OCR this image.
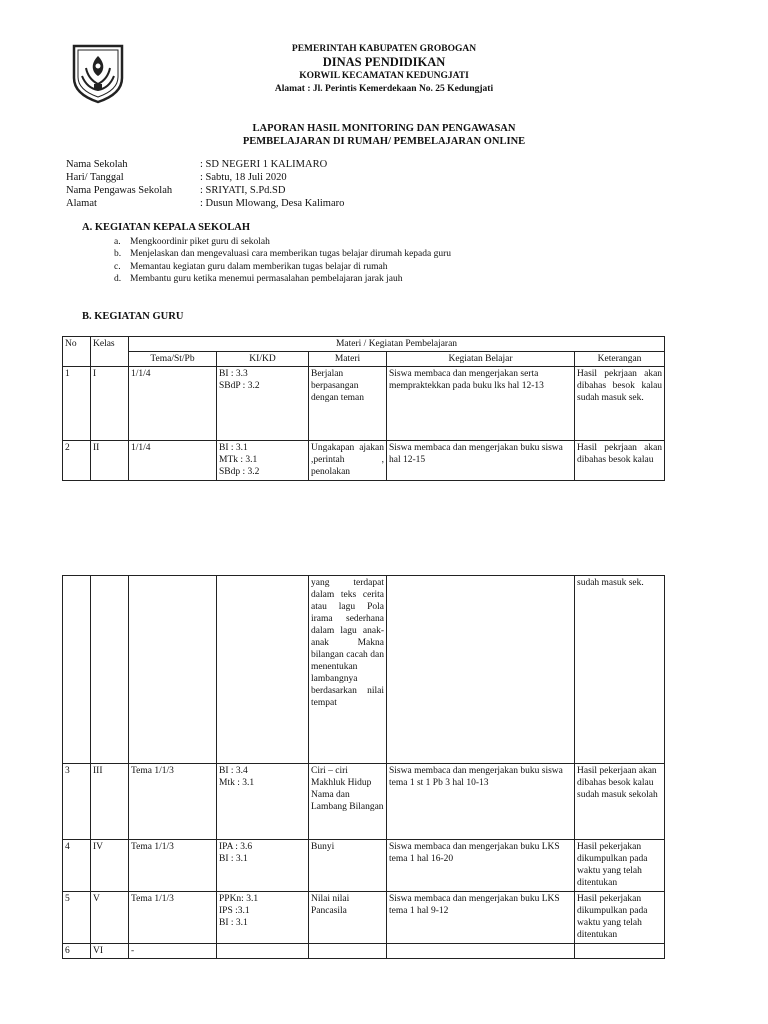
PEMERINTAH KABUPATEN GROBOGAN
DINAS PENDIDIKAN
KORWIL KECAMATAN KEDUNGJATI
Alamat : Jl. Perintis Kemerdekaan No. 25 Kedungjati
LAPORAN HASIL MONITORING DAN PENGAWASAN
PEMBELAJARAN DI RUMAH/ PEMBELAJARAN ONLINE
Nama Sekolah	: SD NEGERI 1 KALIMARO
Hari/ Tanggal	: Sabtu, 18 Juli 2020
Nama Pengawas Sekolah	: SRIYATI, S.Pd.SD
Alamat	: Dusun Mlowang, Desa Kalimaro
A. KEGIATAN KEPALA SEKOLAH
a. Mengkoordinir piket guru di sekolah
b. Menjelaskan dan mengevaluasi cara memberikan tugas belajar dirumah kepada guru
c. Memantau kegiatan guru dalam memberikan tugas belajar di rumah
d. Membantu guru ketika menemui permasalahan pembelajaran jarak jauh
B. KEGIATAN GURU
No	Kelas	Materi / Kegiatan Pembelajaran				
		Tema/St/Pb	KI/KD	Materi	Kegiatan Belajar	Keterangan
1	I	1/1/4	BI : 3.3
SBdP : 3.2	Berjalan berpasangan dengan teman	Siswa membaca dan mengerjakan serta mempraktekkan pada buku lks hal 12-13	Hasil pekrjaan akan dibahas besok kalau sudah masuk sek.
2	II	1/1/4	BI : 3.1
MTk : 3.1
SBdp : 3.2	Ungakapan ajakan ,perintah , penolakan	Siswa membaca dan mengerjakan buku siswa hal 12-15	Hasil pekrjaan akan dibahas besok kalau
				yang terdapat dalam teks cerita atau lagu Pola irama sederhana dalam lagu anak-anak Makna bilangan cacah dan menentukan lambangnya berdasarkan nilai tempat		sudah masuk sek.
3	III	Tema 1/1/3	BI : 3.4
Mtk : 3.1	Ciri – ciri Makhluk Hidup Nama dan Lambang Bilangan	Siswa membaca dan mengerjakan buku siswa tema 1 st 1 Pb 3 hal 10-13	Hasil pekerjaan akan dibahas besok kalau sudah masuk sekolah
4	IV	Tema 1/1/3	IPA : 3.6
BI : 3.1	Bunyi	Siswa membaca dan mengerjakan buku LKS tema 1 hal 16-20	Hasil pekerjakan dikumpulkan pada waktu yang telah ditentukan
5	V	Tema 1/1/3	PPKn: 3.1
IPS :3.1
BI : 3.1	Nilai nilai Pancasila	Siswa membaca dan mengerjakan buku LKS tema 1 hal 9-12	Hasil pekerjakan dikumpulkan pada waktu yang telah ditentukan
6	VI	-				
